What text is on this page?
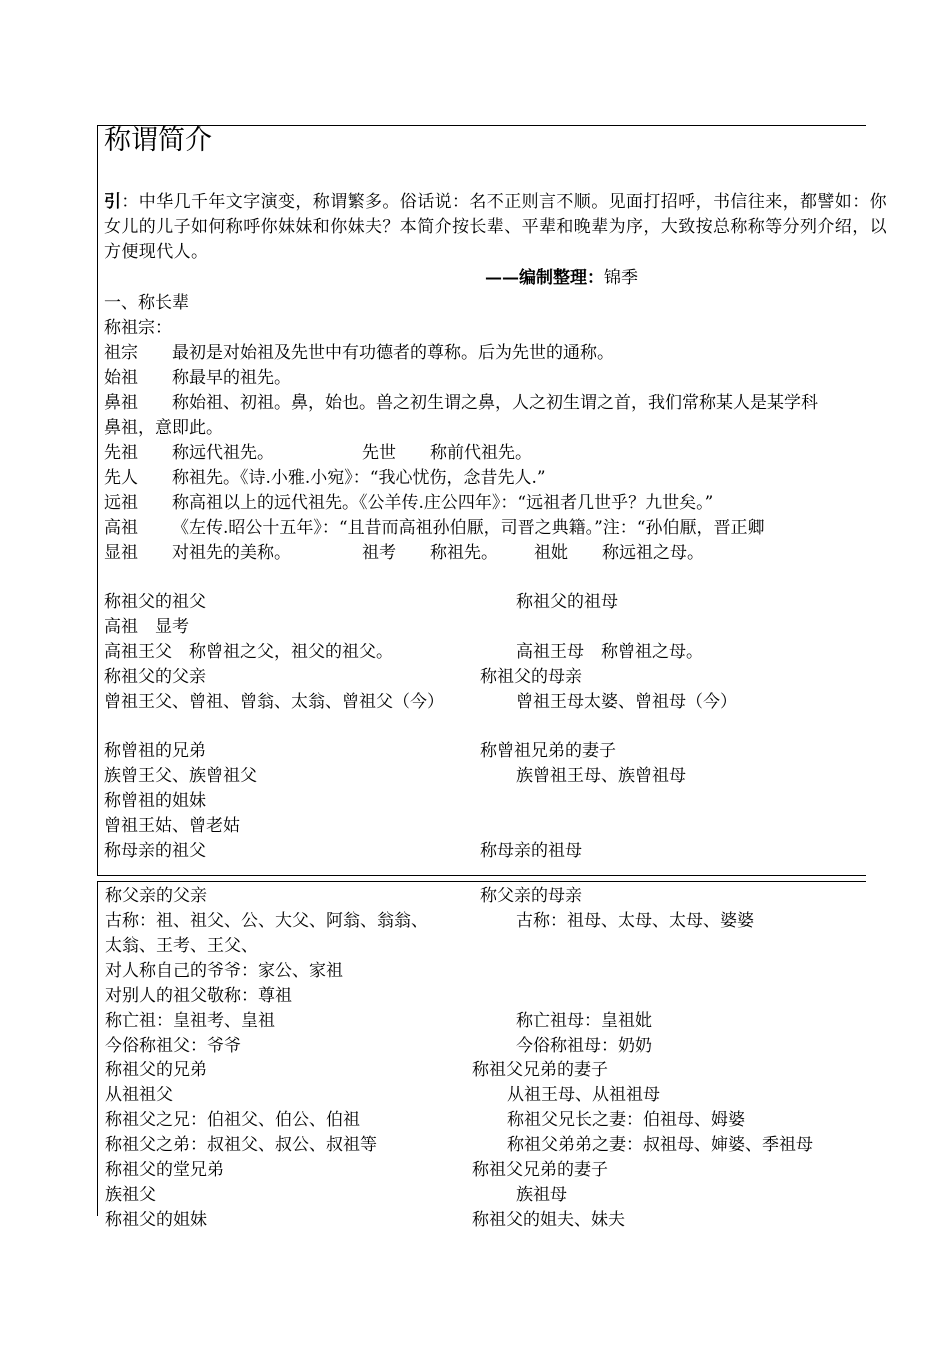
称谓简介
引：中华几千年文字演变，称谓繁多。俗话说：名不正则言不顺。见面打招呼，书信往来，都譬如：你女儿的儿子如何称呼你妹妹和你妹夫？本简介按长辈、平辈和晚辈为序，大致按总称称等分列介绍，以方便现代人。
——编制整理：锦季
一、称长辈
称祖宗：
祖宗 最初是对始祖及先世中有功德者的尊称。后为先世的通称。
始祖 称最早的祖先。
鼻祖 称始祖、初祖。鼻，始也。兽之初生谓之鼻，人之初生谓之首，我们常称某人是某学科
鼻祖，意即此。
先祖 称远代祖先。	先世 称前代祖先。
先人 称祖先。《诗.小雅.小宛》：“我心忧伤，念昔先人.”
远祖 称高祖以上的远代祖先。《公羊传.庄公四年》：“远祖者几世乎？九世矣。”
高祖 《左传.昭公十五年》：“且昔而高祖孙伯厭，司晋之典籍。”注：“孙伯厭，晋正卿
显祖 对祖先的美称。	祖考 称祖先。 祖妣 称远祖之母。
称祖父的祖父	称祖父的祖母
高祖　显考
高祖王父　称曾祖之父，祖父的祖父。	高祖王母　称曾祖之母。
称祖父的父亲	称祖父的母亲
曾祖王父、曾祖、曾翁、太翁、曾祖父（今）	曾祖王母太婆、曾祖母（今）
称曾祖的兄弟	称曾祖兄弟的妻子
族曾王父、族曾祖父	族曾祖王母、族曾祖母
称曾祖的姐妹
曾祖王姑、曾老姑
称母亲的祖父	称母亲的祖母
称父亲的父亲	称父亲的母亲
古称：祖、祖父、公、大父、阿翁、翁翁、	古称：祖母、太母、太母、婆婆
太翁、王考、王父、
对人称自己的爷爷：家公、家祖
对别人的祖父敬称：尊祖
称亡祖：皇祖考、皇祖	称亡祖母：皇祖妣
今俗称祖父：爷爷	今俗称祖母：奶奶
称祖父的兄弟	称祖父兄弟的妻子
从祖祖父	从祖王母、从祖祖母
称祖父之兄：伯祖父、伯公、伯祖	称祖父兄长之妻：伯祖母、姆婆
称祖父之弟：叔祖父、叔公、叔祖等	称祖父弟弟之妻：叔祖母、婶婆、季祖母
称祖父的堂兄弟	称祖父兄弟的妻子
族祖父	族祖母
称祖父的姐妹	称祖父的姐夫、妹夫
